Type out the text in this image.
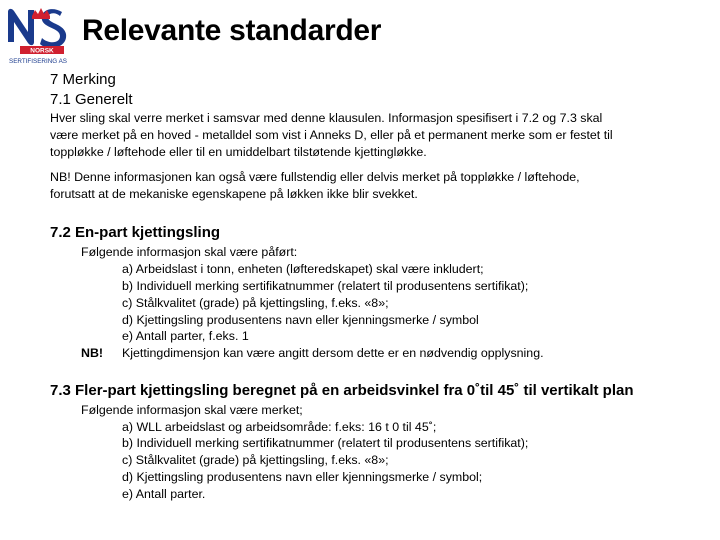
NORSK
SERTIFISERING AS
Relevante standarder
7 Merking
7.1 Generelt
Hver sling skal verre merket i samsvar med denne klausulen. Informasjon spesifisert i 7.2 og 7.3 skal
være merket på en hoved - metalldel som vist i Anneks D, eller på et permanent merke som er festet til
toppløkke / løftehode eller til en umiddelbart tilstøtende kjettingløkke.
NB! Denne informasjonen kan også være fullstendig eller delvis merket på toppløkke / løftehode,
forutsatt at de mekaniske egenskapene på løkken ikke blir svekket.
7.2 En-part kjettingsling
Følgende informasjon skal være påført:
a) Arbeidslast i tonn, enheten (løfteredskapet) skal være inkludert;
b) Individuell merking sertifikatnummer (relatert til produsentens sertifikat);
c) Stålkvalitet (grade) på kjettingsling, f.eks. «8»;
d) Kjettingsling produsentens navn eller kjenningsmerke / symbol
e) Antall parter, f.eks. 1
NB! Kjettingdimensjon kan være angitt dersom dette er en nødvendig opplysning.
7.3 Fler-part kjettingsling beregnet på en arbeidsvinkel fra 0˚til 45˚ til vertikalt plan
Følgende informasjon skal være merket;
a) WLL arbeidslast og arbeidsområde: f.eks: 16 t 0 til 45˚;
b) Individuell merking sertifikatnummer (relatert til produsentens sertifikat);
c) Stålkvalitet (grade) på kjettingsling, f.eks. «8»;
d) Kjettingsling produsentens navn eller kjenningsmerke / symbol;
e) Antall parter.
